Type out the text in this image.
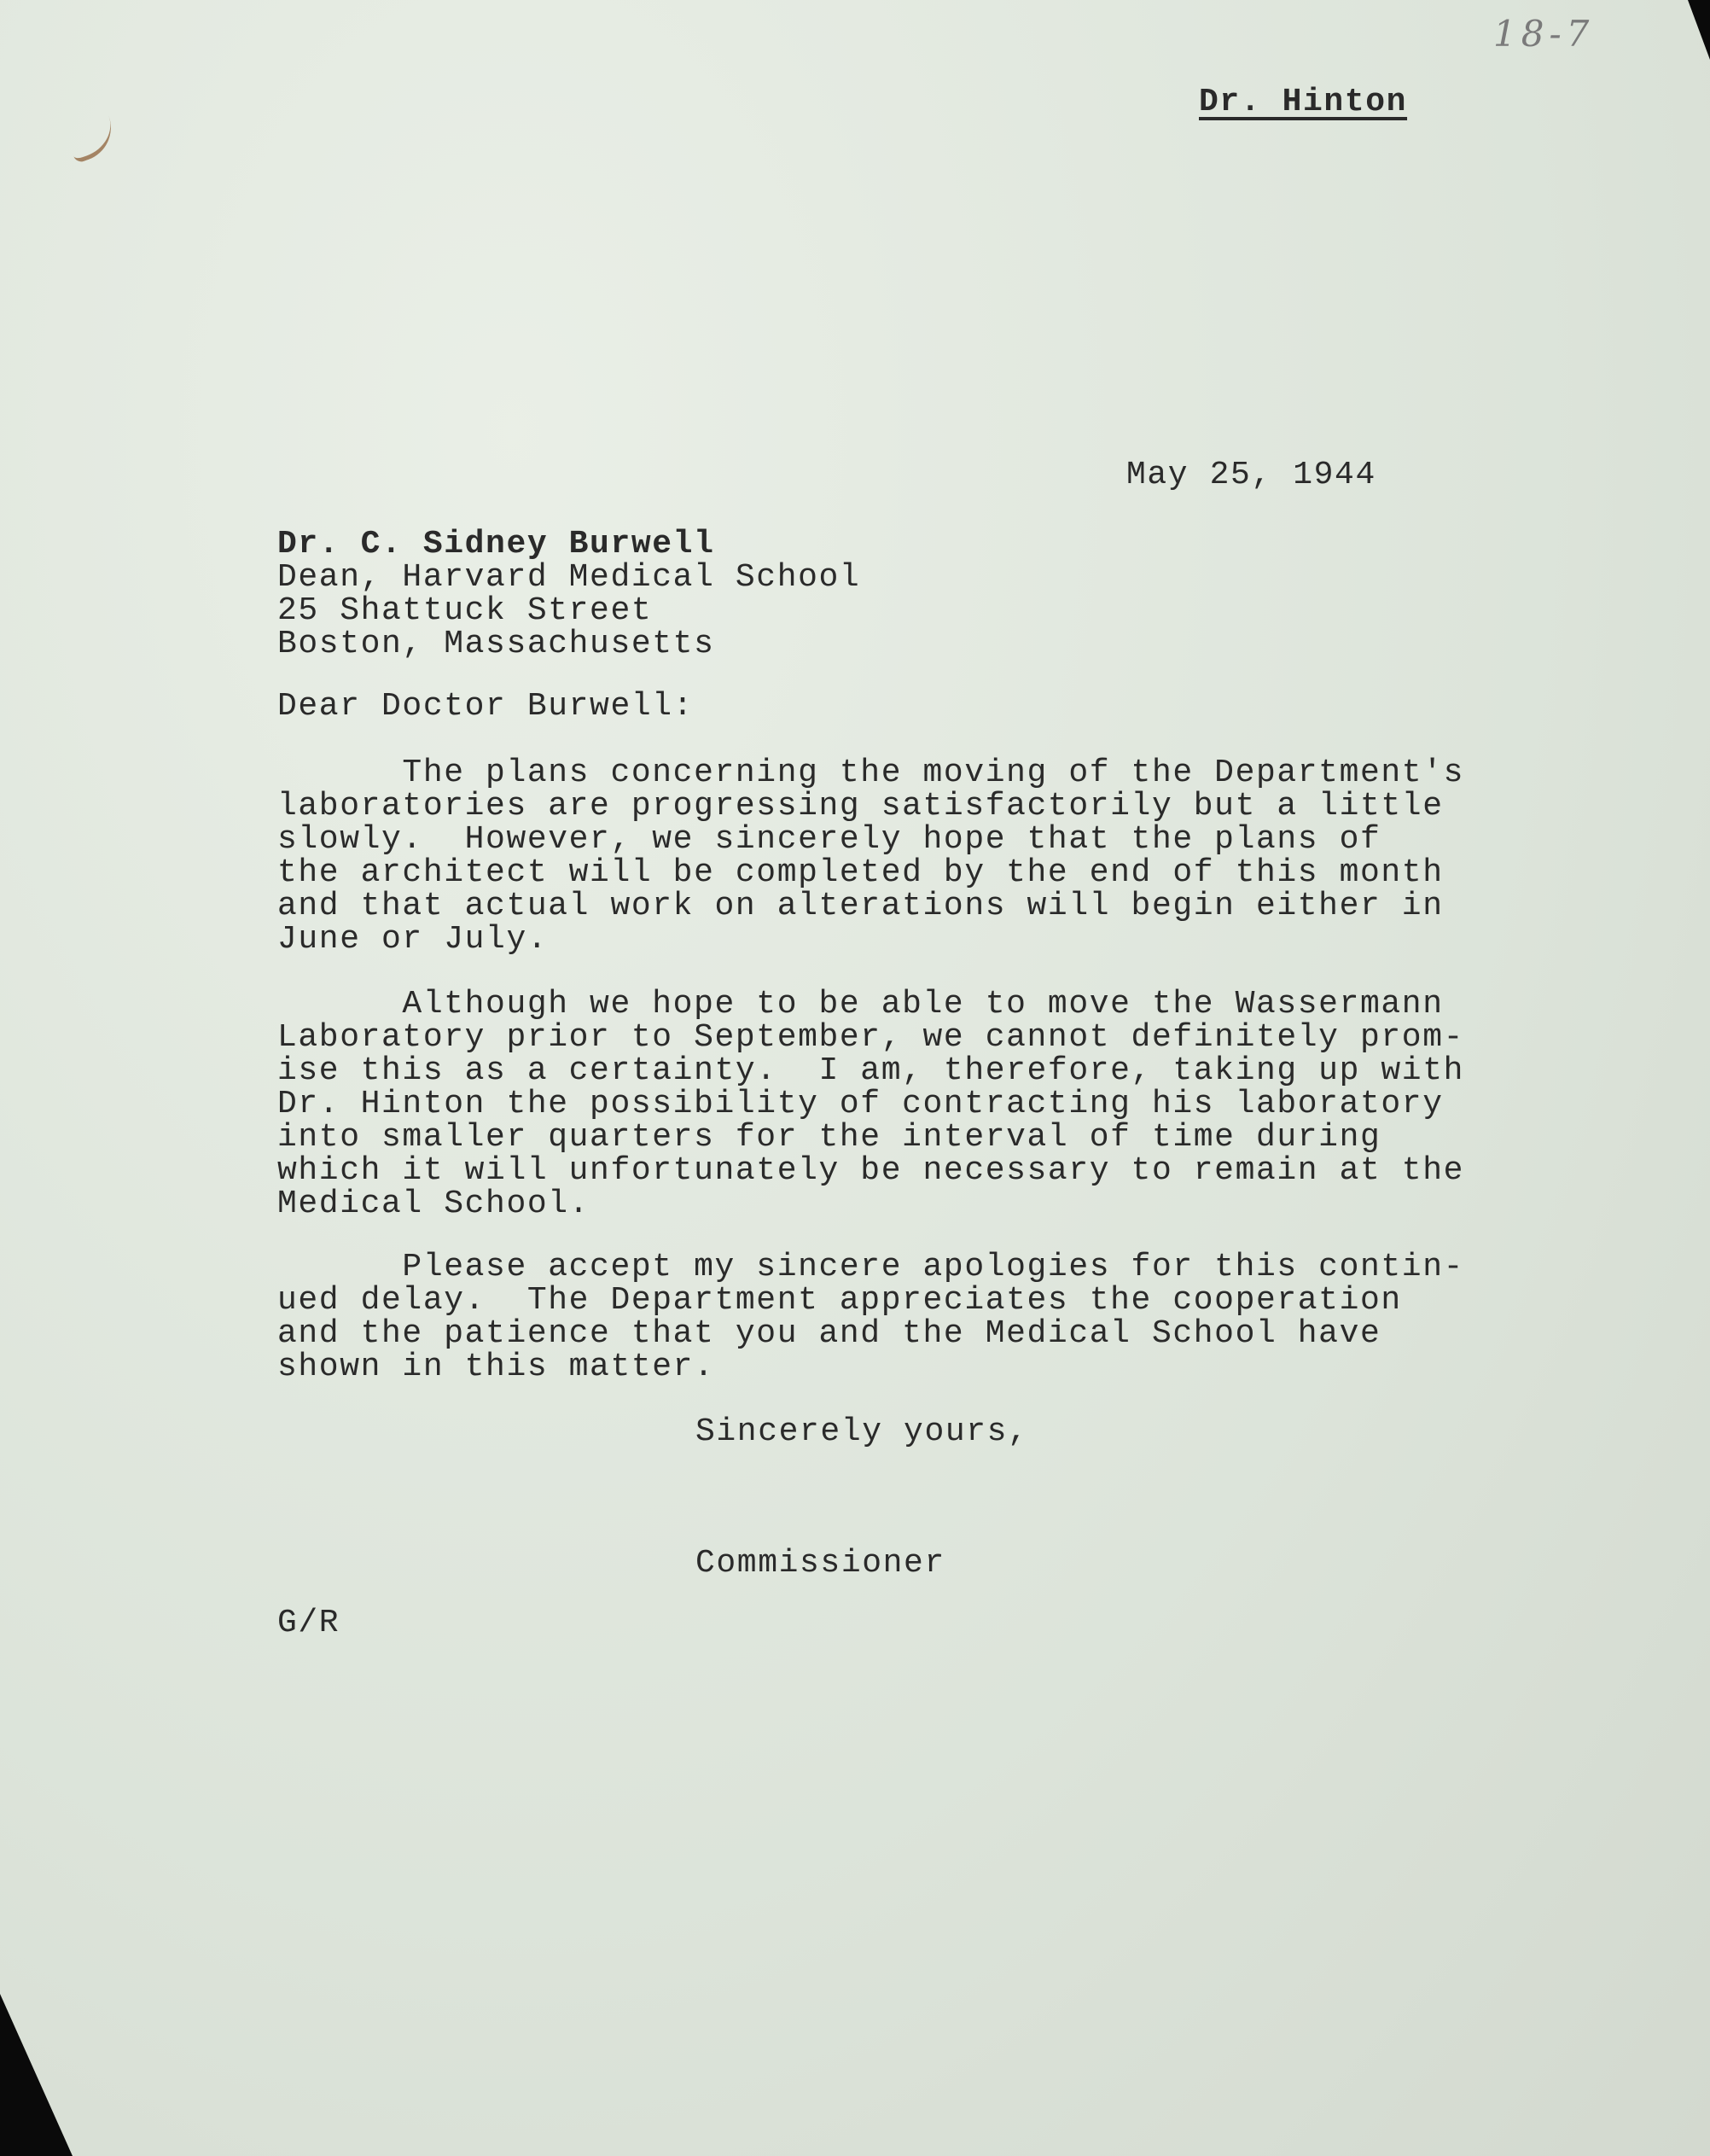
18-7
Dr. Hinton
May 25, 1944
Dr. C. Sidney Burwell
Dean, Harvard Medical School
25 Shattuck Street
Boston, Massachusetts
Dear Doctor Burwell:
The plans concerning the moving of the Department's
laboratories are progressing satisfactorily but a little
slowly.  However, we sincerely hope that the plans of
the architect will be completed by the end of this month
and that actual work on alterations will begin either in
June or July.
Although we hope to be able to move the Wassermann
Laboratory prior to September, we cannot definitely prom-
ise this as a certainty.  I am, therefore, taking up with
Dr. Hinton the possibility of contracting his laboratory
into smaller quarters for the interval of time during
which it will unfortunately be necessary to remain at the
Medical School.
Please accept my sincere apologies for this contin-
ued delay.  The Department appreciates the cooperation
and the patience that you and the Medical School have
shown in this matter.
Sincerely yours,
Commissioner
G/R
